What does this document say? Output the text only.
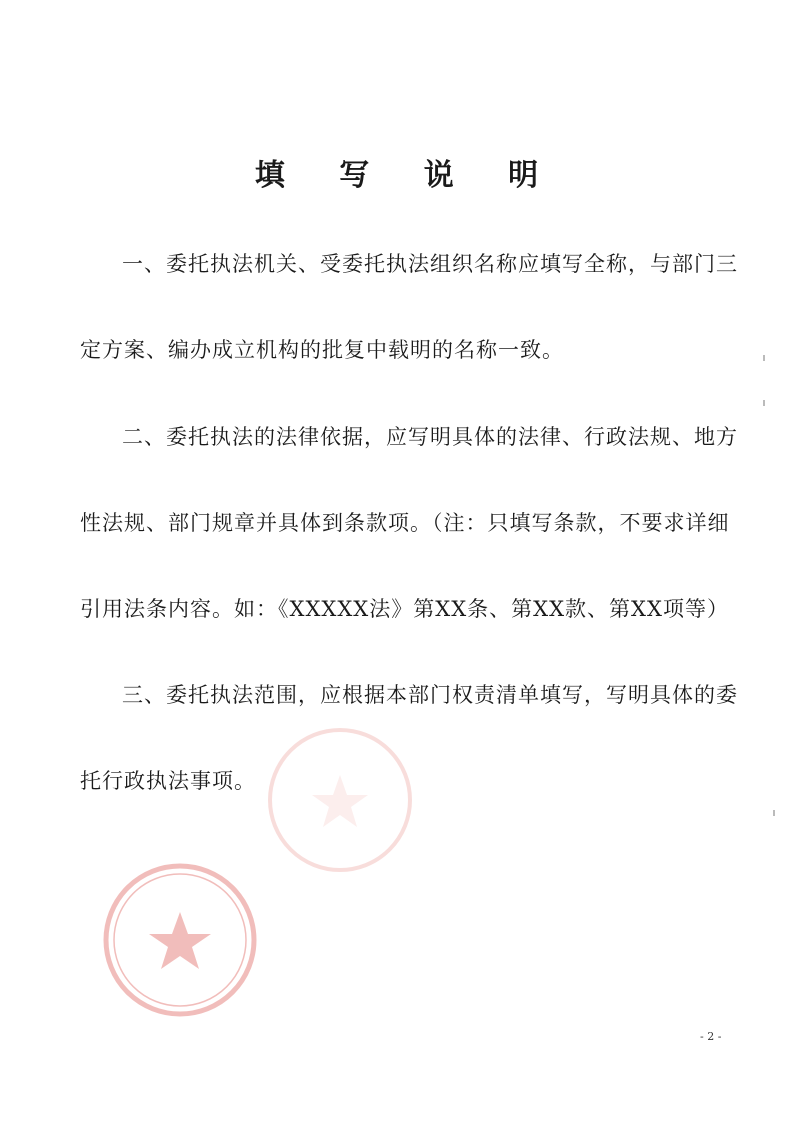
填 写 说 明
一、委托执法机关、受委托执法组织名称应填写全称，与部门三定方案、编办成立机构的批复中载明的名称一致。
二、委托执法的法律依据，应写明具体的法律、行政法规、地方性法规、部门规章并具体到条款项。（注：只填写条款，不要求详细引用法条内容。如：《XXXXX法》第XX条、第XX款、第XX项等）
三、委托执法范围，应根据本部门权责清单填写，写明具体的委托行政执法事项。
- 2 -
